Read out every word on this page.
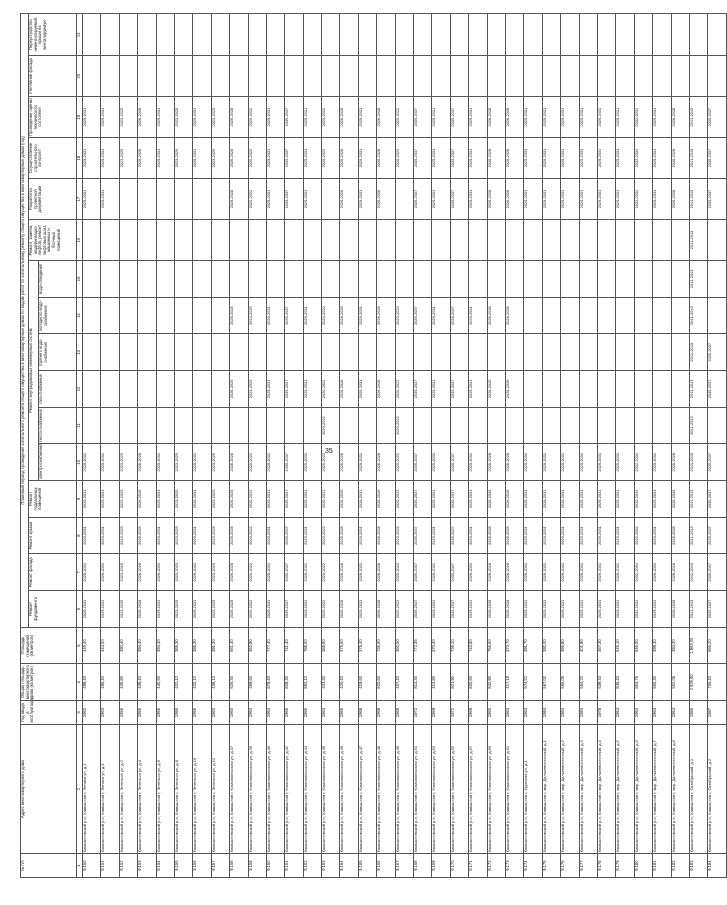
35
№ п/п	Адрес многоквартирного дома	Год ввода в эксплуатацию	Общая площадь многоквартирного дома (кв.метров)	Площадь помещений (кв.метров)	Плановый период проведения капитального ремонта общего имущества в многоквартирных домах по видам работ по капитальному ремонту общего имущества в многоквартирных домах (год)															
					Ремонт фундамента	Ремонт фасада	Ремонт крыши	Ремонт подвальных помещений	Ремонт внутридомовых инженерных систем						Ремонт, замена, модернизация лифтов, ремонт лифтовых шахт, машинных и блочных помещений	Разработка проектной документации	Осуществление строительного контроля	Проведение оценки технического состояния	Утепление фасада	Переустройство невентилируемой крыши на вентилируемую
									электроснабжения	тепло-снабжения	газо-снабжения	горячего водо-снабжения	холодного водо-снабжения	водо-отведения						
1	2	3	4	5	6	7	8	9	10	11	12	13	14	15	16	17	18	19	20	21
9.150	Камышловский р-н, Камышлов г, Ленина ул, д.1	1962	499,40	445,40	2029-2031	2029-2031	2029-2031	2029-2031	2029-2031							2029-2031	2029-2031	2029-2031		
9.151	Камышловский р-н, Камышлов г, Ленина ул, д.3	1963	495,40	444,00	2029-2031	2029-2031	2029-2031	2029-2031	2029-2031							2029-2031	2029-2031	2029-2031		
9.152	Камышловский р-н, Камышлов г, Энгельса ул, д.2	1956	436,80	390,40	2023-2025	2023-2025	2023-2025	2023-2025	2023-2025								2023-2025	2023-2025		
9.153	Камышловский р-н, Камышлов г, Энгельса ул, д.4	1956	438,40	394,40	2026-2028	2026-2028	2026-2028	2026-2028	2026-2028								2026-2028	2026-2028		
9.154	Камышловский р-н, Камышлов г, Энгельса ул, д.6	1956	440,60	394,40	2029-2031	2029-2031	2029-2031	2029-2031	2029-2031								2029-2031	2029-2031		
9.155	Камышловский р-н, Камышлов г, Энгельса ул, д.8	1956	432,10	385,30	2023-2025	2023-2025	2023-2025	2023-2025	2023-2025								2023-2025	2023-2025		
9.156	Камышловский р-н, Камышлов г, Энгельса ул, д.10	1956	432,10	385,30	2029-2031	2029-2031	2029-2031	2029-2031	2029-2031								2029-2031	2029-2031		
9.157	Камышловский р-н, Камышлов г, Энгельса ул, д.12	1960	439,10	391,30	2023-2025	2023-2025	2023-2025	2023-2025	2023-2025								2023-2025	2023-2025		
9.158	Камышловский р-н, Камышлов г, Комсомольская ул, д.37	1960	626,30	561,40	2026-2028	2026-2028	2026-2028	2026-2028	2026-2028		2026-2028		2026-2028			2026-2028	2026-2028	2026-2028		
9.159	Камышловский р-н, Камышлов г, Комсомольская ул, д.39	1964	369,60	362,90	2020-2022	2020-2022	2020-2022	2020-2022	2020-2022		2023-2025		2023-2025			2020-2022	2020-2022	2020-2022		
9.160	Камышловский р-н, Камышлов г, Комсомольская ул, д.40	1964	879,40	777,40	2029-2031	2029-2031	2029-2031	2029-2031	2029-2031		2029-2031		2029-2031			2029-2031	2029-2031	2029-2031		
9.161	Камышловский р-н, Камышлов г, Комсомольская ул, д.42	1966	829,30	741,40	2035-2037	2035-2037	2035-2037	2035-2037	2035-2037		2035-2037		2035-2037			2035-2037	2035-2037	2035-2037		
9.162	Камышловский р-н, Камышлов г, Комсомольская ул, д.44	1965	883,10	788,60	2029-2031	2029-2031	2029-2031	2029-2031	2029-2031		2029-2031		2029-2031			2029-2031	2029-2031	2029-2031		
9.163	Камышловский р-н, Камышлов г, Комсомольская ул, д.45	1964	433,30	385,60	2020-2022	2020-2022	2020-2022	2020-2022	2020-2022	2020-2022	2020-2022		2020-2022				2020-2022	2020-2022		
9.164	Камышловский р-н, Камышлов г, Комсомольская ул, д.46	1966	420,40	375,60	2026-2028	2026-2028	2026-2028	2026-2028	2026-2028		2026-2028		2026-2028			2026-2028	2026-2028	2026-2028		
9.165	Камышловский р-н, Камышлов г, Комсомольская ул, д.47	1968	419,60	375,40	2029-2031	2029-2031	2029-2031	2029-2031	2029-2031		2029-2031		2029-2031			2029-2031	2029-2031	2029-2031		
9.166	Камышловский р-н, Камышлов г, Комсомольская ул, д.48	1968	820,60	736,60	2026-2028	2026-2028	2026-2028	2026-2028	2026-2028		2026-2028		2026-2028			2026-2028	2026-2028	2026-2028		
9.167	Камышловский р-н, Камышлов г, Комсомольская ул, д.49	1968	407,40	360,50	2020-2022	2020-2022	2020-2022	2020-2022	2020-2022	2020-2022	2020-2022		2020-2022				2020-2022	2020-2022		
9.168	Камышловский р-н, Камышлов г, Комсомольская ул, д.51	1972	814,30	772,35	2035-2037	2035-2037	2035-2037	2035-2037	2035-2037		2035-2037		2035-2037			2035-2037	2035-2037	2035-2037		
9.169	Камышловский р-н, Камышлов г, Комсомольская ул, д.53	1969	413,80	370,40	2029-2031	2029-2031	2029-2031	2029-2031	2029-2031		2029-2031		2029-2031			2029-2031	2029-2031	2029-2031		
9.170	Камышловский р-н, Камышлов г, Комсомольская ул, д.55	1972	821,90	736,10	2035-2037	2035-2037	2035-2037	2035-2037	2035-2037		2035-2037		2035-2037			2035-2037	2035-2037	2035-2037		
9.171	Камышловский р-н, Камышлов г, Комсомольская ул, д.57	1969	830,60	743,80	2029-2031	2029-2031	2029-2031	2029-2031	2029-2031		2029-2031		2029-2031			2029-2031	2029-2031	2029-2031		
9.172	Камышловский р-н, Камышлов г, Комсомольская ул, д.59	1960	842,90	756,60	2026-2028	2026-2028	2026-2028	2026-2028	2026-2028		2026-2028		2026-2028			2026-2028	2026-2028	2026-2028		
9.173	Камышловский р-н, Камышлов г, Комсомольская ул, д.61	1964	417,18	373,70	2026-2028	2026-2028	2026-2028	2026-2028	2026-2028		2026-2028		2026-2028			2026-2028	2026-2028	2026-2028		
9.174	Камышловский р-н, Камышлов г, Крупская ул, д.1	1964	574,52	391,70	2029-2031	2029-2031	2029-2031	2029-2031	2029-2031							2029-2031	2029-2031	2029-2031		
9.175	Камышловский р-н, Камышлов г, мкр. Дальневосточный, д.1	1984	567,00	392,00	2029-2031	2029-2031	2029-2031	2029-2031	2029-2031							2029-2031	2029-2031	2029-2031		
9.176	Камышловский р-н, Камышлов г, мкр. Дальневосточный, д.2	1984	565,05	396,80	2029-2031	2029-2031	2029-2031	2029-2031	2029-2031							2029-2031	2029-2031	2029-2031		
9.177	Камышловский р-н, Камышлов г, мкр. Дальневосточный, д.3	1984	564,20	401,90	2029-2031	2029-2031	2029-2031	2029-2031	2029-2031							2029-2031	2029-2031	2029-2031		
9.178	Камышловский р-н, Камышлов г, мкр. Дальневосточный, д.4	1978	639,40	457,30	2029-2031	2029-2031	2029-2031	2029-2031	2029-2031							2029-2031	2029-2031	2029-2031		
9.179	Камышловский р-н, Камышлов г, мкр. Дальневосточный, д.5	1964	846,40	645,10	2029-2031	2029-2031	2029-2031	2029-2031	2029-2031							2029-2031	2029-2031	2029-2031		
9.180	Камышловский р-н, Камышлов г, мкр. Дальневосточный, д.6	1964	853,75	646,00	2032-2034	2032-2034	2032-2034	2032-2034	2032-2034							2032-2034	2032-2034	2032-2034		
9.181	Камышловский р-н, Камышлов г, мкр. Дальневосточный, д.7	1964	565,30	399,30	2029-2031	2029-2031	2029-2031	2029-2031	2029-2031							2029-2031	2029-2031	2029-2031		
9.182	Камышловский р-н, Камышлов г, мкр. Дальневосточный, д.8	1964	552,05	394,30	2026-2028	2026-2028	2026-2028	2026-2028	2026-2028							2026-2028	2026-2028	2026-2028		
9.183	Камышловский р-н, Камышлов г, Октябрьский, д.1	1986	2 825,90	1 963,00	2041-2043	2041-2043	2041-2043	2041-2043	2041-2043	2041-2043	2041-2043	2041-2043	2041-2043	2041-2043	2041-2043	2041-2043	2041-2043	2041-2043		
9.184	Камышловский р-н, Камышлов г, Октябрьский, д.2	1987	706,40	566,20	2035-2037	2035-2037	2035-2037	2035-2037	2035-2037		2035-2037	2035-2037				2035-2037	2035-2037	2035-2037		
